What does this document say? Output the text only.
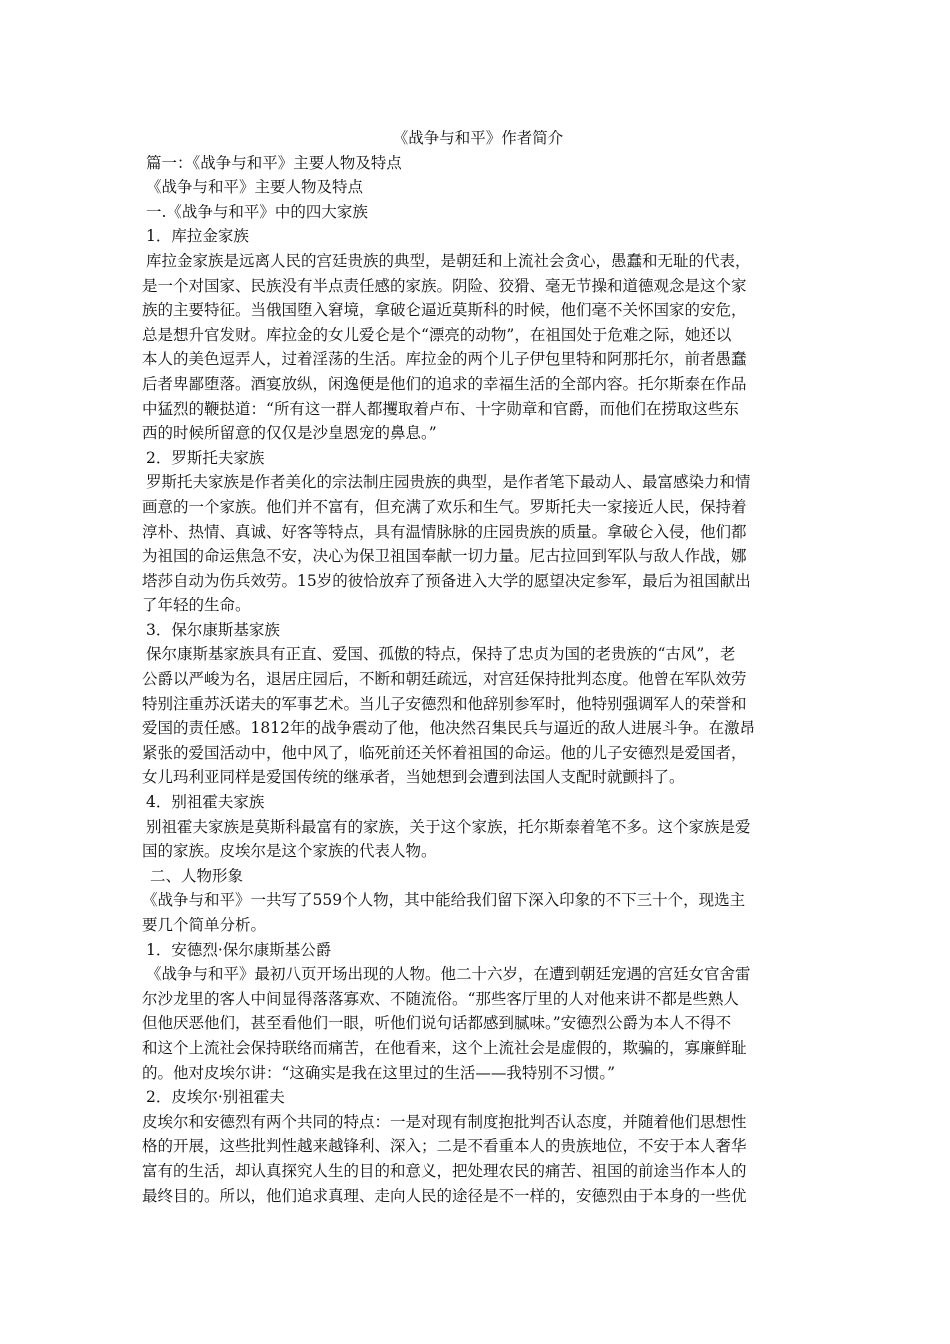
《战争与和平》作者简介

篇一：《战争与和平》主要人物及特点

《战争与和平》主要人物及特点

一.《战争与和平》中的四大家族

1．库拉金家族

库拉金家族是远离人民的宫廷贵族的典型，是朝廷和上流社会贪心，愚蠢和无耻的代表，

是一个对国家、民族没有半点责任感的家族。阴险、狡猾、毫无节操和道德观念是这个家

族的主要特征。当俄国堕入窘境，拿破仑逼近莫斯科的时候，他们毫不关怀国家的安危，

总是想升官发财。库拉金的女儿爱仑是个“漂亮的动物”，在祖国处于危难之际，她还以

本人的美色逗弄人，过着淫荡的生活。库拉金的两个儿子伊包里特和阿那托尔，前者愚蠢

后者卑鄙堕落。酒宴放纵，闲逸便是他们的追求的幸福生活的全部内容。托尔斯泰在作品

中猛烈的鞭挞道：“所有这一群人都攫取着卢布、十字勋章和官爵，而他们在捞取这些东

西的时候所留意的仅仅是沙皇恩宠的鼻息。”

2．罗斯托夫家族

罗斯托夫家族是作者美化的宗法制庄园贵族的典型，是作者笔下最动人、最富感染力和情

画意的一个家族。他们并不富有，但充满了欢乐和生气。罗斯托夫一家接近人民，保持着

淳朴、热情、真诚、好客等特点，具有温情脉脉的庄园贵族的质量。拿破仑入侵，他们都

为祖国的命运焦急不安，决心为保卫祖国奉献一切力量。尼古拉回到军队与敌人作战，娜

塔莎自动为伤兵效劳。15岁的彼恰放弃了预备进入大学的愿望决定参军，最后为祖国献出

了年轻的生命。

3．保尔康斯基家族

保尔康斯基家族具有正直、爱国、孤傲的特点，保持了忠贞为国的老贵族的“古风”，老

公爵以严峻为名，退居庄园后，不断和朝廷疏远，对宫廷保持批判态度。他曾在军队效劳

特别注重苏沃诺夫的军事艺术。当儿子安德烈和他辞别参军时，他特别强调军人的荣誉和

爱国的责任感。1812年的战争震动了他，他决然召集民兵与逼近的敌人进展斗争。在激昂

紧张的爱国活动中，他中风了，临死前还关怀着祖国的命运。他的儿子安德烈是爱国者，

女儿玛利亚同样是爱国传统的继承者，当她想到会遭到法国人支配时就颤抖了。

4．别祖霍夫家族

别祖霍夫家族是莫斯科最富有的家族，关于这个家族，托尔斯泰着笔不多。这个家族是爱

国的家族。皮埃尔是这个家族的代表人物。

二、人物形象

《战争与和平》一共写了559个人物，其中能给我们留下深入印象的不下三十个，现选主

要几个简单分析。

1．安德烈·保尔康斯基公爵

《战争与和平》最初八页开场出现的人物。他二十六岁，在遭到朝廷宠遇的宫廷女官舍雷

尔沙龙里的客人中间显得落落寡欢、不随流俗。“那些客厅里的人对他来讲不都是些熟人

但他厌恶他们，甚至看他们一眼，听他们说句话都感到腻味。”安德烈公爵为本人不得不

和这个上流社会保持联络而痛苦，在他看来，这个上流社会是虚假的，欺骗的，寡廉鲜耻

的。他对皮埃尔讲：“这确实是我在这里过的生活——我特别不习惯。”

2．皮埃尔·别祖霍夫

皮埃尔和安德烈有两个共同的特点：一是对现有制度抱批判否认态度，并随着他们思想性

格的开展，这些批判性越来越锋利、深入；二是不看重本人的贵族地位，不安于本人奢华

富有的生活，却认真探究人生的目的和意义，把处理农民的痛苦、祖国的前途当作本人的

最终目的。所以，他们追求真理、走向人民的途径是不一样的，安德烈由于本身的一些优
